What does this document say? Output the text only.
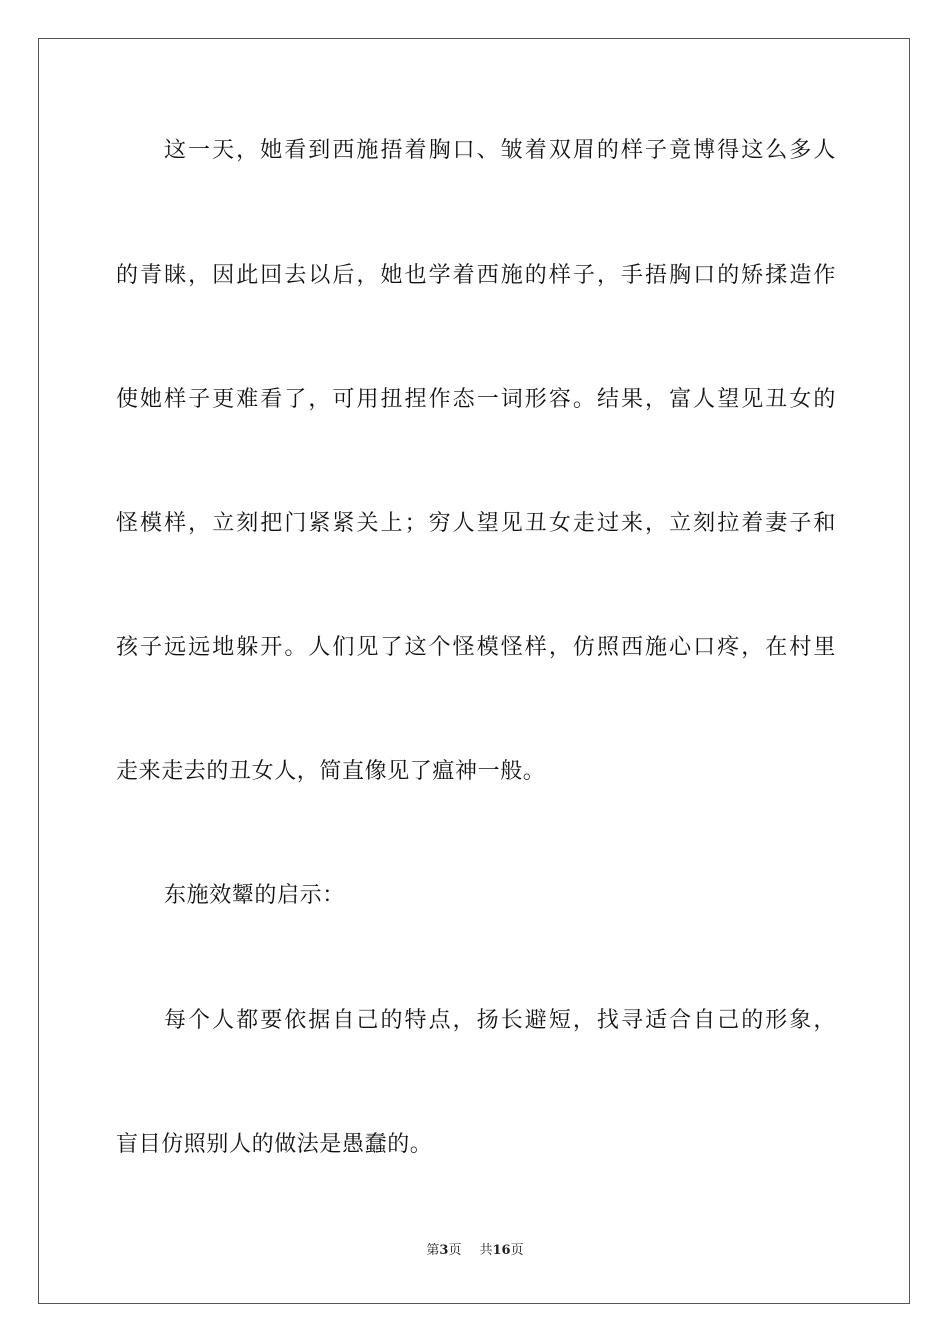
这一天，她看到西施捂着胸口、皱着双眉的样子竟博得这么多人
的青睐，因此回去以后，她也学着西施的样子，手捂胸口的矫揉造作
使她样子更难看了，可用扭捏作态一词形容。结果，富人望见丑女的
怪模样，立刻把门紧紧关上；穷人望见丑女走过来，立刻拉着妻子和
孩子远远地躲开。人们见了这个怪模怪样，仿照西施心口疼，在村里
走来走去的丑女人，简直像见了瘟神一般。
东施效颦的启示：
每个人都要依据自己的特点，扬长避短，找寻适合自己的形象，
盲目仿照别人的做法是愚蠢的。
第3页 共16页
